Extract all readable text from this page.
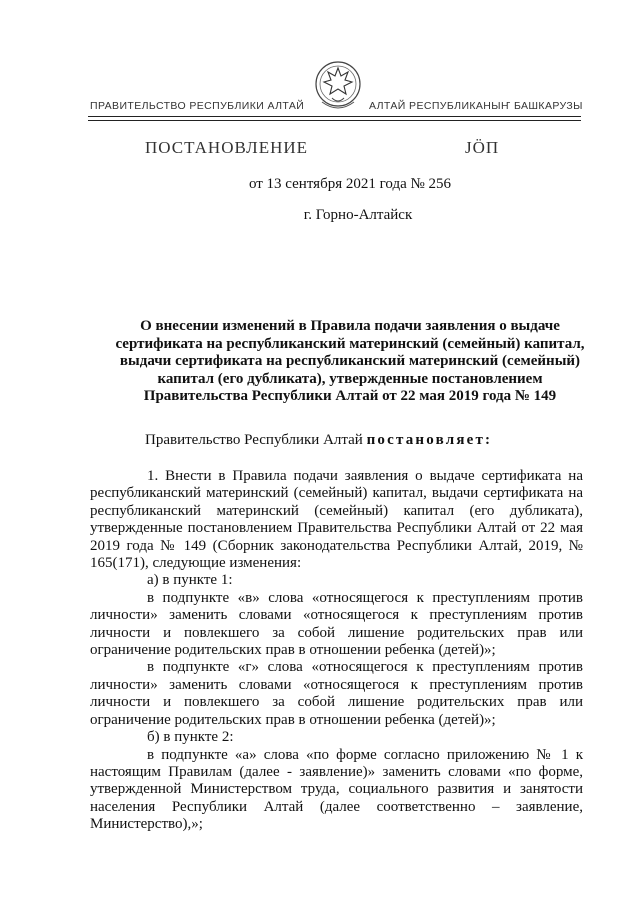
ПРАВИТЕЛЬСТВО РЕСПУБЛИКИ АЛТАЙ	АЛТАЙ РЕСПУБЛИКАНЫҤ БАШКАРУЗЫ
ПОСТАНОВЛЕНИЕ	ЈӦП
от 13 сентября 2021 года № 256
г. Горно-Алтайск
О внесении изменений в Правила подачи заявления о выдаче сертификата на республиканский материнский (семейный) капитал, выдачи сертификата на республиканский материнский (семейный) капитал (его дубликата), утвержденные постановлением Правительства Республики Алтай от 22 мая 2019 года № 149
Правительство Республики Алтай постановляет:

1. Внести в Правила подачи заявления о выдаче сертификата на республиканский материнский (семейный) капитал, выдачи сертификата на республиканский материнский (семейный) капитал (его дубликата), утвержденные постановлением Правительства Республики Алтай от 22 мая 2019 года № 149 (Сборник законодательства Республики Алтай, 2019, № 165(171), следующие изменения:

а) в пункте 1:

в подпункте «в» слова «относящегося к преступлениям против личности» заменить словами «относящегося к преступлениям против личности и повлекшего за собой лишение родительских прав или ограничение родительских прав в отношении ребенка (детей)»;

в подпункте «г» слова «относящегося к преступлениям против личности» заменить словами «относящегося к преступлениям против личности и повлекшего за собой лишение родительских прав или ограничение родительских прав в отношении ребенка (детей)»;

б) в пункте 2:

в подпункте «а» слова «по форме согласно приложению № 1 к настоящим Правилам (далее - заявление)» заменить словами «по форме, утвержденной Министерством труда, социального развития и занятости населения Республики Алтай (далее соответственно – заявление, Министерство),»;
